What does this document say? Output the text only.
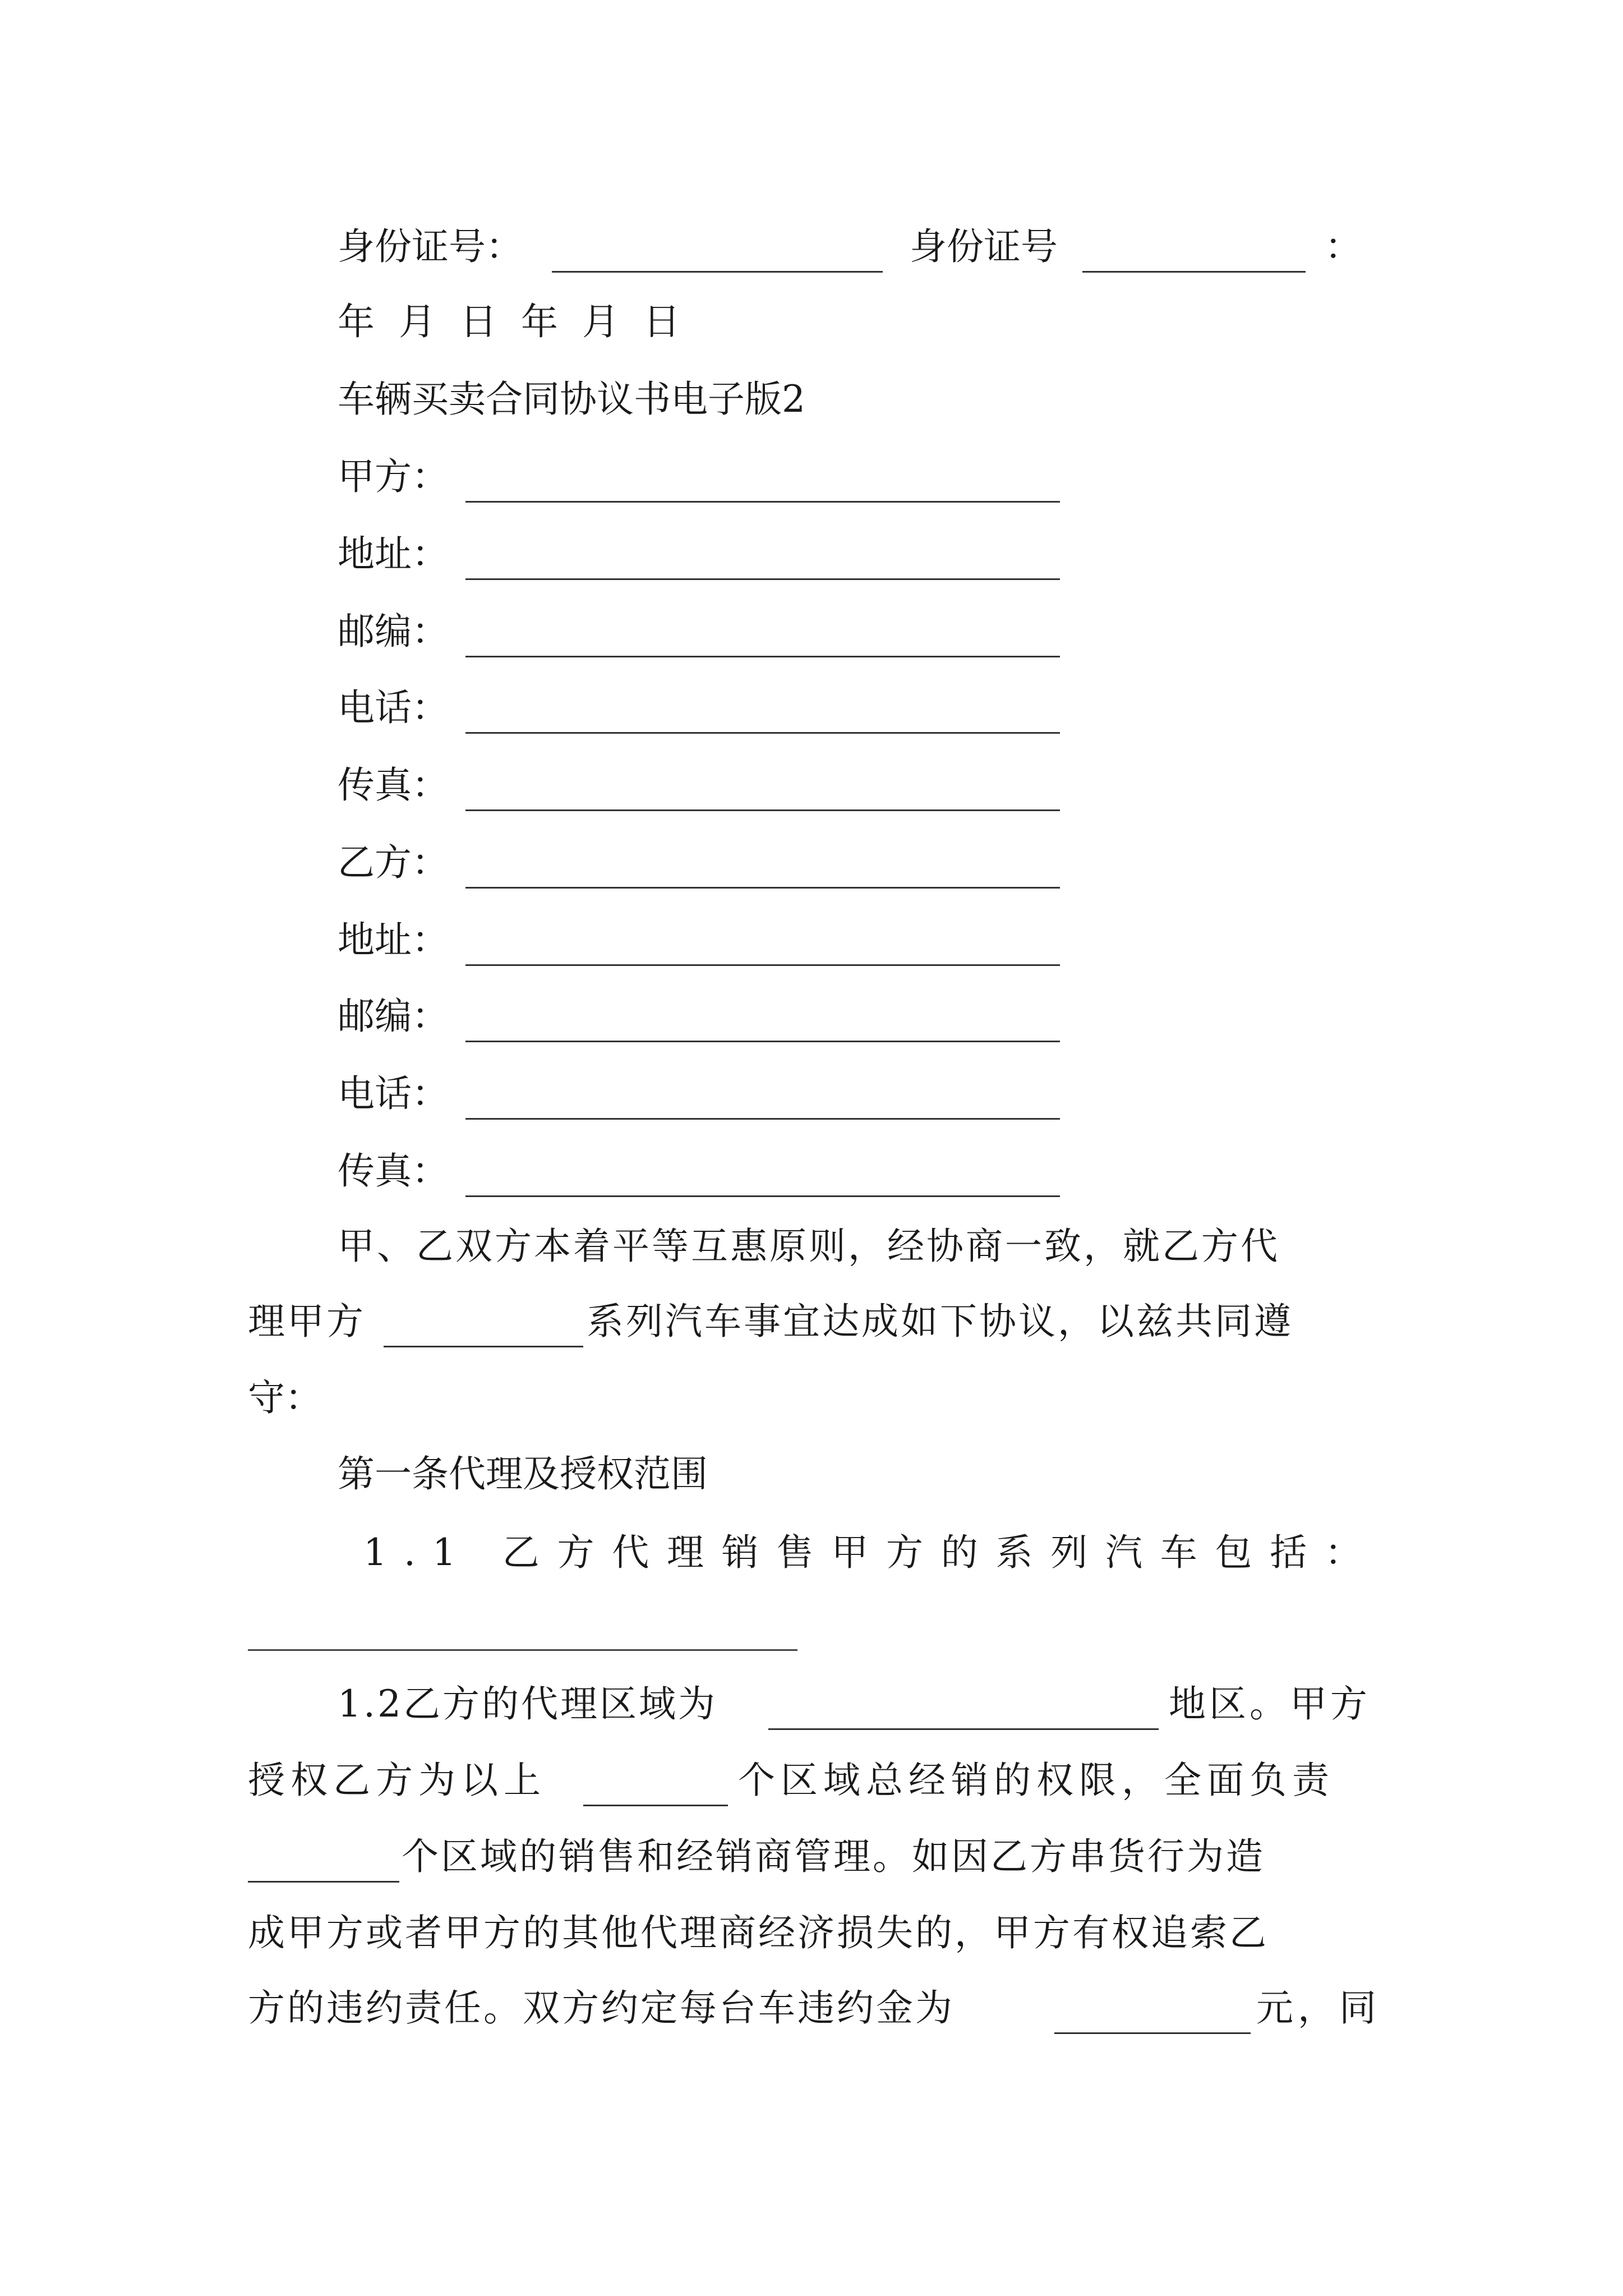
身份证号：	身份证号	：
年 月 日 年 月 日
车辆买卖合同协议书电子版2
甲方：
地址：
邮编：
电话：
传真：
乙方：
地址：
邮编：
电话：
传真：
甲、乙双方本着平等互惠原则，经协商一致，就乙方代
理甲方	系列汽车事宜达成如下协议，以兹共同遵
守：
第一条代理及授权范围
1.1 乙方代理销售甲方的系列汽车包括：
1.2乙方的代理区域为	地区。甲方
授权乙方为以上	个区域总经销的权限，全面负责
个区域的销售和经销商管理。如因乙方串货行为造
成甲方或者甲方的其他代理商经济损失的，甲方有权追索乙
方的违约责任。双方约定每台车违约金为	元，同
